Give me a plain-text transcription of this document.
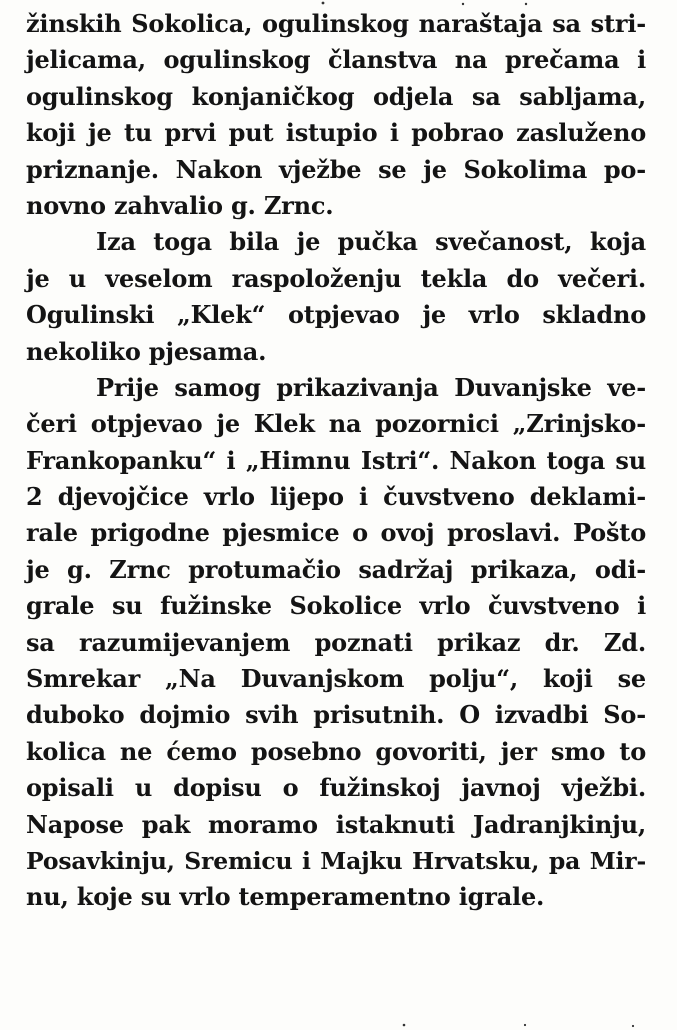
žinskih Sokolica, ogulinskog naraštaja sa stri-
jelicama, ogulinskog članstva na prečama i
ogulinskog konjaničkog odjela sa sabljama,
koji je tu prvi put istupio i pobrao zasluženo
priznanje. Nakon vježbe se je Sokolima po-
novno zahvalio g. Zrnc.
Iza toga bila je pučka svečanost, koja
je u veselom raspoloženju tekla do večeri.
Ogulinski „Klek“ otpjevao je vrlo skladno
nekoliko pjesama.
Prije samog prikazivanja Duvanjske ve-
čeri otpjevao je Klek na pozornici „Zrinjsko-
Frankopanku“ i „Himnu Istri“. Nakon toga su
2 djevojčice vrlo lijepo i čuvstveno deklami-
rale prigodne pjesmice o ovoj proslavi. Pošto
je g. Zrnc protumačio sadržaj prikaza, odi-
grale su fužinske Sokolice vrlo čuvstveno i
sa razumijevanjem poznati prikaz dr. Zd.
Smrekar „Na Duvanjskom polju“, koji se
duboko dojmio svih prisutnih. O izvadbi So-
kolica ne ćemo posebno govoriti, jer smo to
opisali u dopisu o fužinskoj javnoj vježbi.
Napose pak moramo istaknuti Jadranjkinju,
Posavkinju, Sremicu i Majku Hrvatsku, pa Mir-
nu, koje su vrlo temperamentno igrale.
